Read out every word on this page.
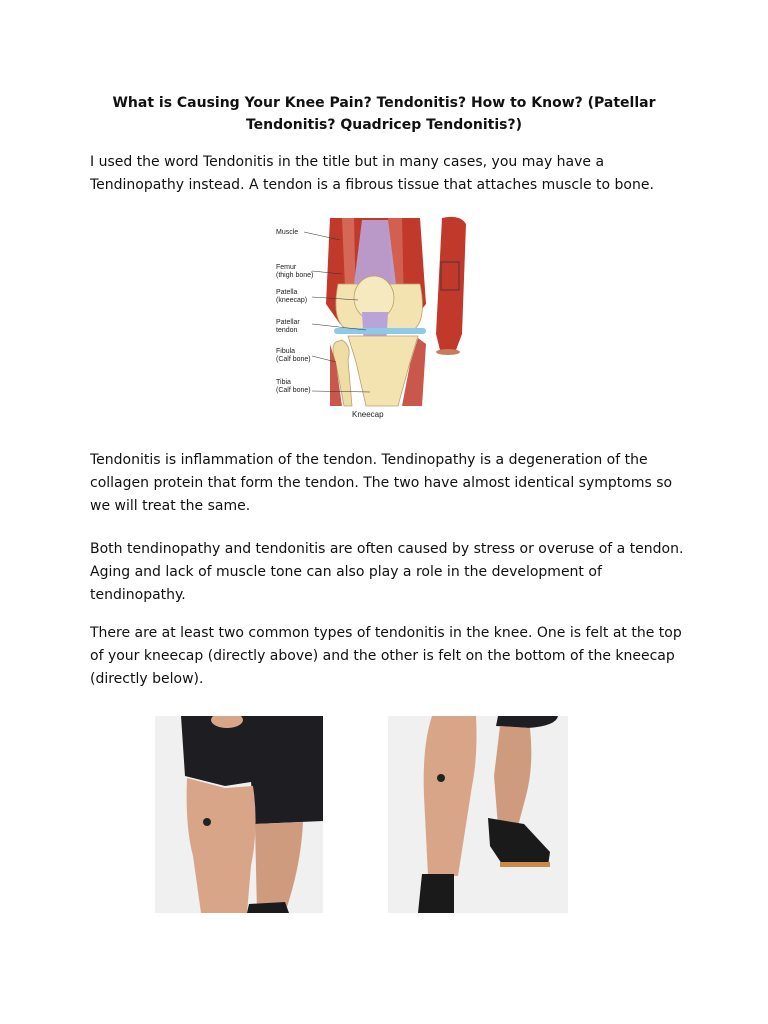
What is Causing Your Knee Pain? Tendonitis? How to Know? (Patellar
Tendonitis? Quadricep Tendonitis?)

I used the word Tendonitis in the title but in many cases, you may have a Tendinopathy instead. A tendon is a fibrous tissue that attaches muscle to bone.

Muscle
Femur
(thigh bone)
Patella
(kneecap)
Patellar
tendon
Fibula
(Calf bone)
Tibia
(Calf bone)
Kneecap

Tendonitis is inflammation of the tendon. Tendinopathy is a degeneration of the collagen protein that form the tendon. The two have almost identical symptoms so we will treat the same.

Both tendinopathy and tendonitis are often caused by stress or overuse of a tendon. Aging and lack of muscle tone can also play a role in the development of tendinopathy.

There are at least two common types of tendonitis in the knee. One is felt at the top of your kneecap (directly above) and the other is felt on the bottom of the kneecap (directly below).
